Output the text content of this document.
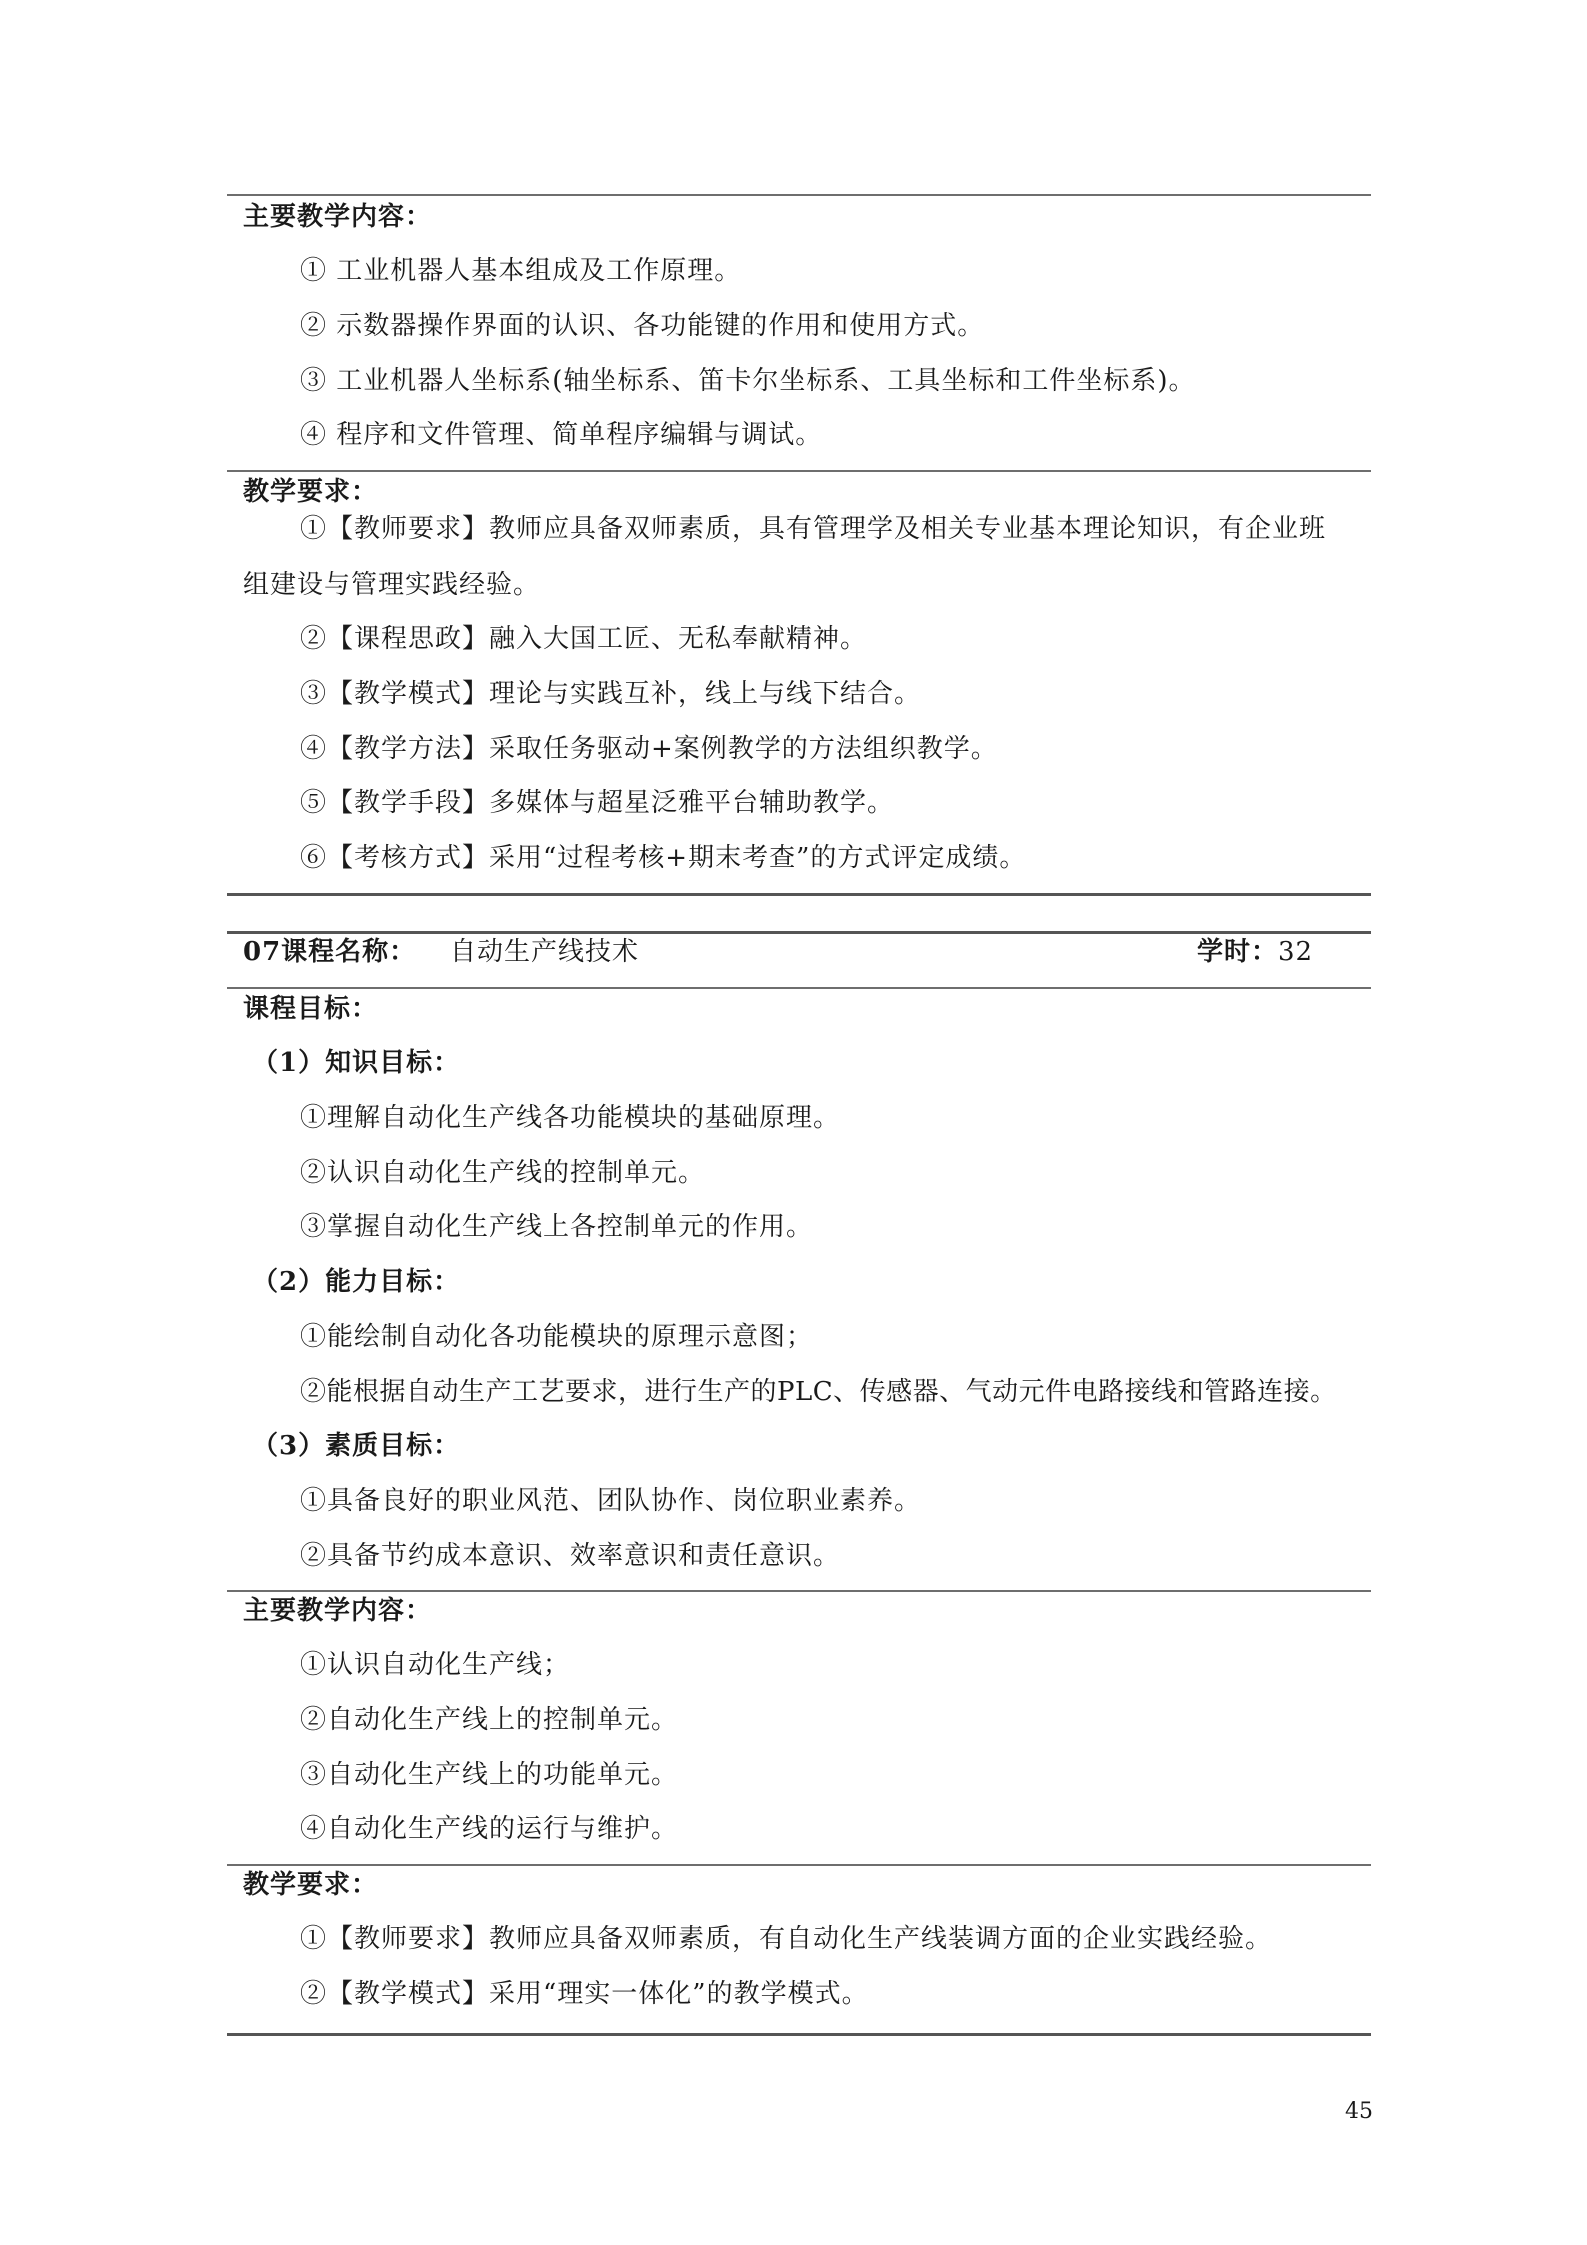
主要教学内容：
① 工业机器人基本组成及工作原理。
② 示数器操作界面的认识、各功能键的作用和使用方式。
③ 工业机器人坐标系(轴坐标系、笛卡尔坐标系、工具坐标和工件坐标系)。
④ 程序和文件管理、简单程序编辑与调试。
教学要求：
①【教师要求】教师应具备双师素质，具有管理学及相关专业基本理论知识，有企业班
组建设与管理实践经验。
②【课程思政】融入大国工匠、无私奉献精神。
③【教学模式】理论与实践互补，线上与线下结合。
④【教学方法】采取任务驱动+案例教学的方法组织教学。
⑤【教学手段】多媒体与超星泛雅平台辅助教学。
⑥【考核方式】采用“过程考核+期末考查”的方式评定成绩。
07课程名称： 自动生产线技术	学时：32
课程目标：
（1）知识目标：
①理解自动化生产线各功能模块的基础原理。
②认识自动化生产线的控制单元。
③掌握自动化生产线上各控制单元的作用。
（2）能力目标：
①能绘制自动化各功能模块的原理示意图；
②能根据自动生产工艺要求，进行生产的PLC、传感器、气动元件电路接线和管路连接。
（3）素质目标：
①具备良好的职业风范、团队协作、岗位职业素养。
②具备节约成本意识、效率意识和责任意识。
主要教学内容：
①认识自动化生产线；
②自动化生产线上的控制单元。
③自动化生产线上的功能单元。
④自动化生产线的运行与维护。
教学要求：
①【教师要求】教师应具备双师素质，有自动化生产线装调方面的企业实践经验。
②【教学模式】采用“理实一体化”的教学模式。
45
